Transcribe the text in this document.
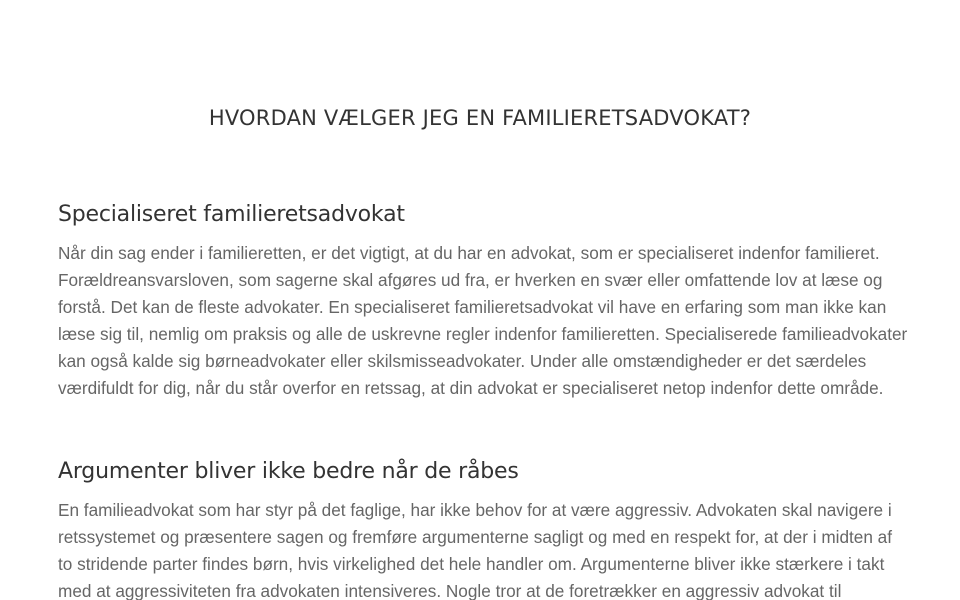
HVORDAN VÆLGER JEG EN FAMILIERETSADVOKAT?
Specialiseret familieretsadvokat

Når din sag ender i familieretten, er det vigtigt, at du har en advokat, som er specialiseret indenfor familieret. Forældreansvarsloven, som sagerne skal afgøres ud fra, er hverken en svær eller omfattende lov at læse og forstå. Det kan de fleste advokater. En specialiseret familieretsadvokat vil have en erfaring som man ikke kan læse sig til, nemlig om praksis og alle de uskrevne regler indenfor familieretten. Specialiserede familieadvokater kan også kalde sig børneadvokater eller skilsmisseadvokater. Under alle omstændigheder er det særdeles værdifuldt for dig, når du står overfor en retssag, at din advokat er specialiseret netop indenfor dette område.

Argumenter bliver ikke bedre når de råbes

En familieadvokat som har styr på det faglige, har ikke behov for at være aggressiv. Advokaten skal navigere i retssystemet og præsentere sagen og fremføre argumenterne sagligt og med en respekt for, at der i midten af to stridende parter findes børn, hvis virkelighed det hele handler om. Argumenterne bliver ikke stærkere i takt med at aggressiviteten fra advokaten intensiveres. Nogle tror at de foretrækker en aggressiv advokat til
